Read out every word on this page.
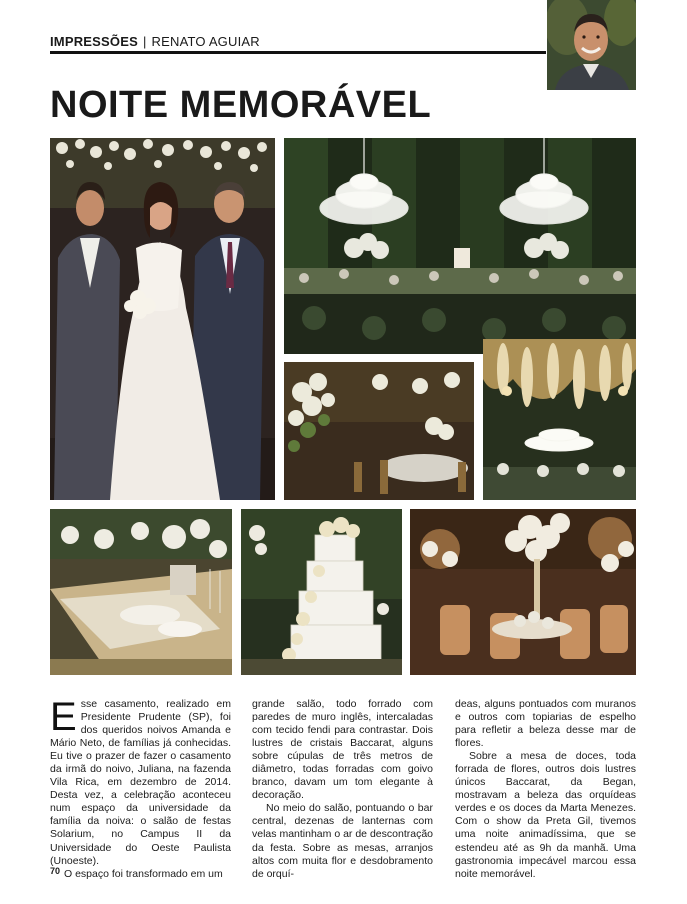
IMPRESSÕES | RENATO AGUIAR
NOITE MEMORÁVEL

Esse casamento, realizado em Presidente Prudente (SP), foi dos queridos noivos Amanda e Mário Neto, de famílias já conhecidas. Eu tive o prazer de fazer o casamento da irmã do noivo, Juliana, na fazenda Vila Rica, em dezembro de 2014. Desta vez, a celebração aconteceu num espaço da universidade da família da noiva: o salão de festas Solarium, no Campus II da Universidade do Oeste Paulista (Unoeste).

O espaço foi transformado em um

grande salão, todo forrado com paredes de muro inglês, intercaladas com tecido fendi para contrastar. Dois lustres de cristais Baccarat, alguns sobre cúpulas de três metros de diâmetro, todas forradas com goivo branco, davam um tom elegante à decoração.

No meio do salão, pontuando o bar central, dezenas de lanternas com velas mantinham o ar de descontração da festa. Sobre as mesas, arranjos altos com muita flor e desdobramento de orquí-

deas, alguns pontuados com muranos e outros com topiarias de espelho para refletir a beleza desse mar de flores.

Sobre a mesa de doces, toda forrada de flores, outros dois lustres únicos Baccarat, da Began, mostravam a beleza das orquídeas verdes e os doces da Marta Menezes. Com o show da Preta Gil, tivemos uma noite animadíssima, que se estendeu até as 9h da manhã. Uma gastronomia impecável marcou essa noite memorável.

70
